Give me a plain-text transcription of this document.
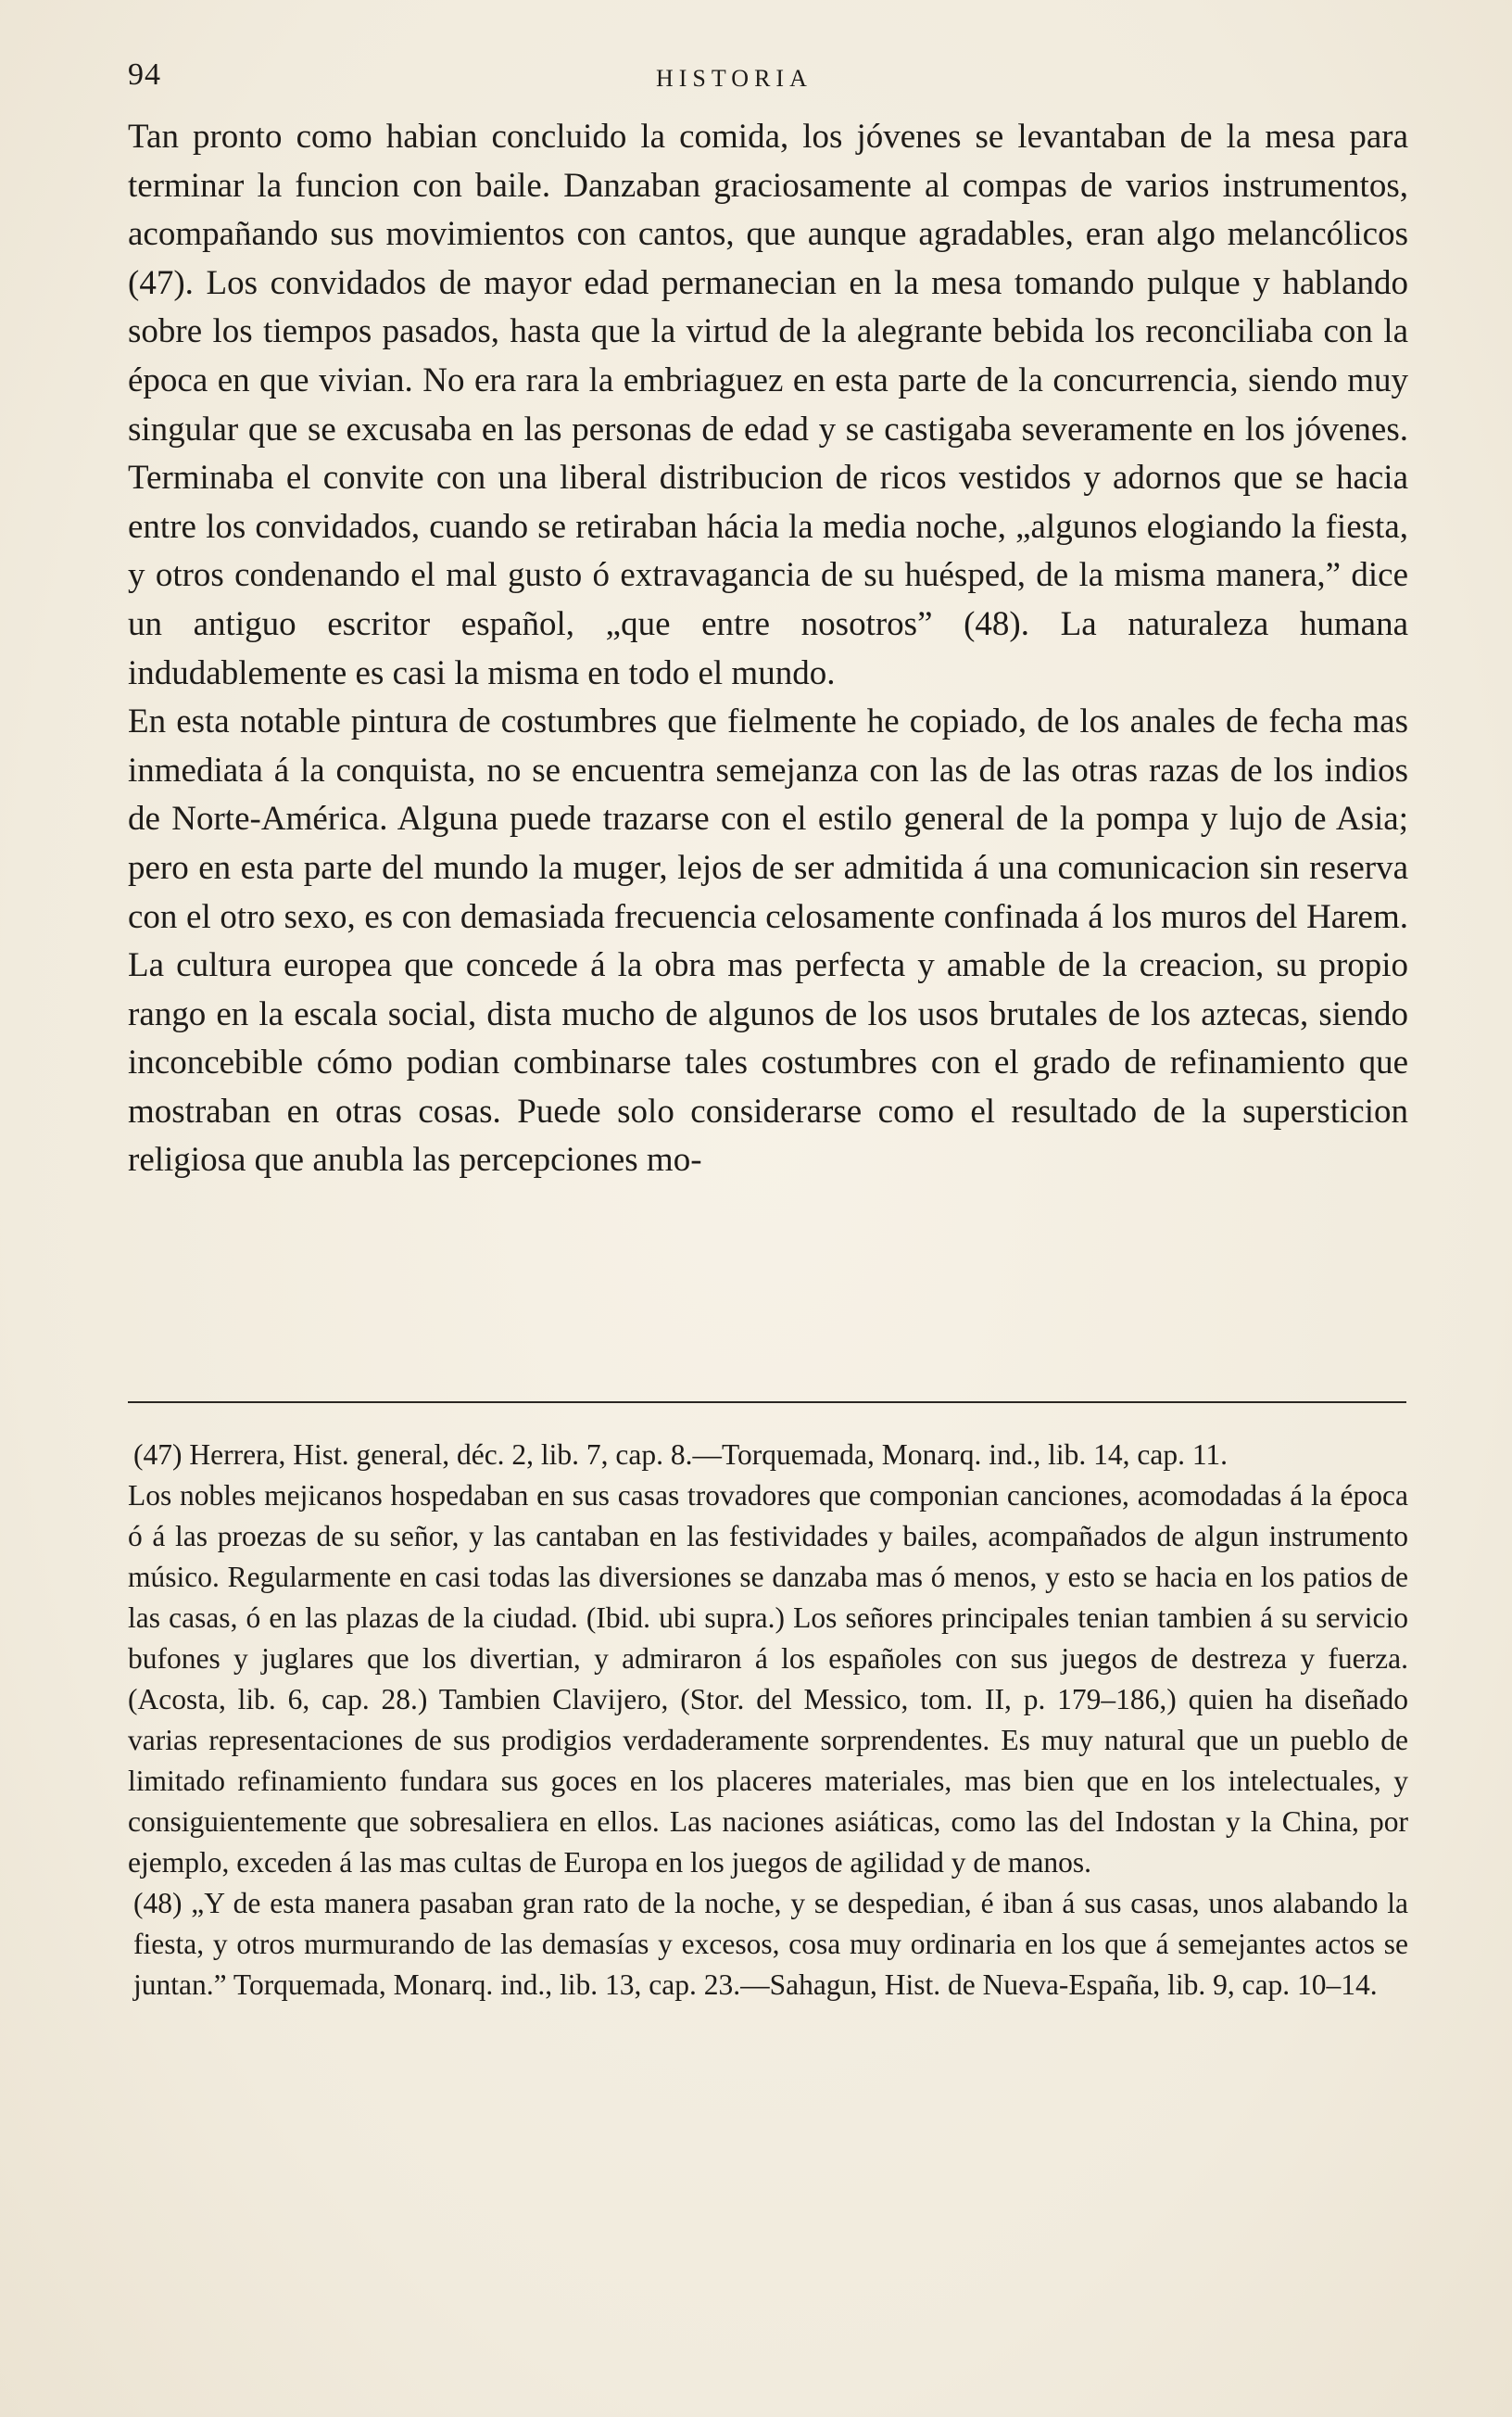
94	HISTORIA

Tan pronto como habian concluido la comida, los jóvenes se levantaban de la mesa para terminar la funcion con baile. Danzaban graciosamente al compas de varios instrumentos, acompañando sus movimientos con cantos, que aunque agradables, eran algo melancólicos (47). Los convidados de mayor edad permanecian en la mesa tomando pulque y hablando sobre los tiempos pasados, hasta que la virtud de la alegrante bebida los reconciliaba con la época en que vivian. No era rara la embriaguez en esta parte de la concurrencia, siendo muy singular que se excusaba en las personas de edad y se castigaba severamente en los jóvenes. Terminaba el convite con una liberal distribucion de ricos vestidos y adornos que se hacia entre los convidados, cuando se retiraban hácia la media noche, „algunos elogiando la fiesta, y otros condenando el mal gusto ó extravagancia de su huésped, de la misma manera,” dice un antiguo escritor español, „que entre nosotros” (48). La naturaleza humana indudablemente es casi la misma en todo el mundo.

En esta notable pintura de costumbres que fielmente he copiado, de los anales de fecha mas inmediata á la conquista, no se encuentra semejanza con las de las otras razas de los indios de Norte-América. Alguna puede trazarse con el estilo general de la pompa y lujo de Asia; pero en esta parte del mundo la muger, lejos de ser admitida á una comunicacion sin reserva con el otro sexo, es con demasiada frecuencia celosamente confinada á los muros del Harem. La cultura europea que concede á la obra mas perfecta y amable de la creacion, su propio rango en la escala social, dista mucho de algunos de los usos brutales de los aztecas, siendo inconcebible cómo podian combinarse tales costumbres con el grado de refinamiento que mostraban en otras cosas. Puede solo considerarse como el resultado de la supersticion religiosa que anubla las percepciones mo-

(47) Herrera, Hist. general, déc. 2, lib. 7, cap. 8.—Torquemada, Monarq. ind., lib. 14, cap. 11.

Los nobles mejicanos hospedaban en sus casas trovadores que componian canciones, acomodadas á la época ó á las proezas de su señor, y las cantaban en las festividades y bailes, acompañados de algun instrumento músico. Regularmente en casi todas las diversiones se danzaba mas ó menos, y esto se hacia en los patios de las casas, ó en las plazas de la ciudad. (Ibid. ubi supra.) Los señores principales tenian tambien á su servicio bufones y juglares que los divertian, y admiraron á los españoles con sus juegos de destreza y fuerza. (Acosta, lib. 6, cap. 28.) Tambien Clavijero, (Stor. del Messico, tom. II, p. 179–186,) quien ha diseñado varias representaciones de sus prodigios verdaderamente sorprendentes. Es muy natural que un pueblo de limitado refinamiento fundara sus goces en los placeres materiales, mas bien que en los intelectuales, y consiguientemente que sobresaliera en ellos. Las naciones asiáticas, como las del Indostan y la China, por ejemplo, exceden á las mas cultas de Europa en los juegos de agilidad y de manos.

(48) „Y de esta manera pasaban gran rato de la noche, y se despedian, é iban á sus casas, unos alabando la fiesta, y otros murmurando de las demasías y excesos, cosa muy ordinaria en los que á semejantes actos se juntan.” Torquemada, Monarq. ind., lib. 13, cap. 23.—Sahagun, Hist. de Nueva-España, lib. 9, cap. 10–14.
